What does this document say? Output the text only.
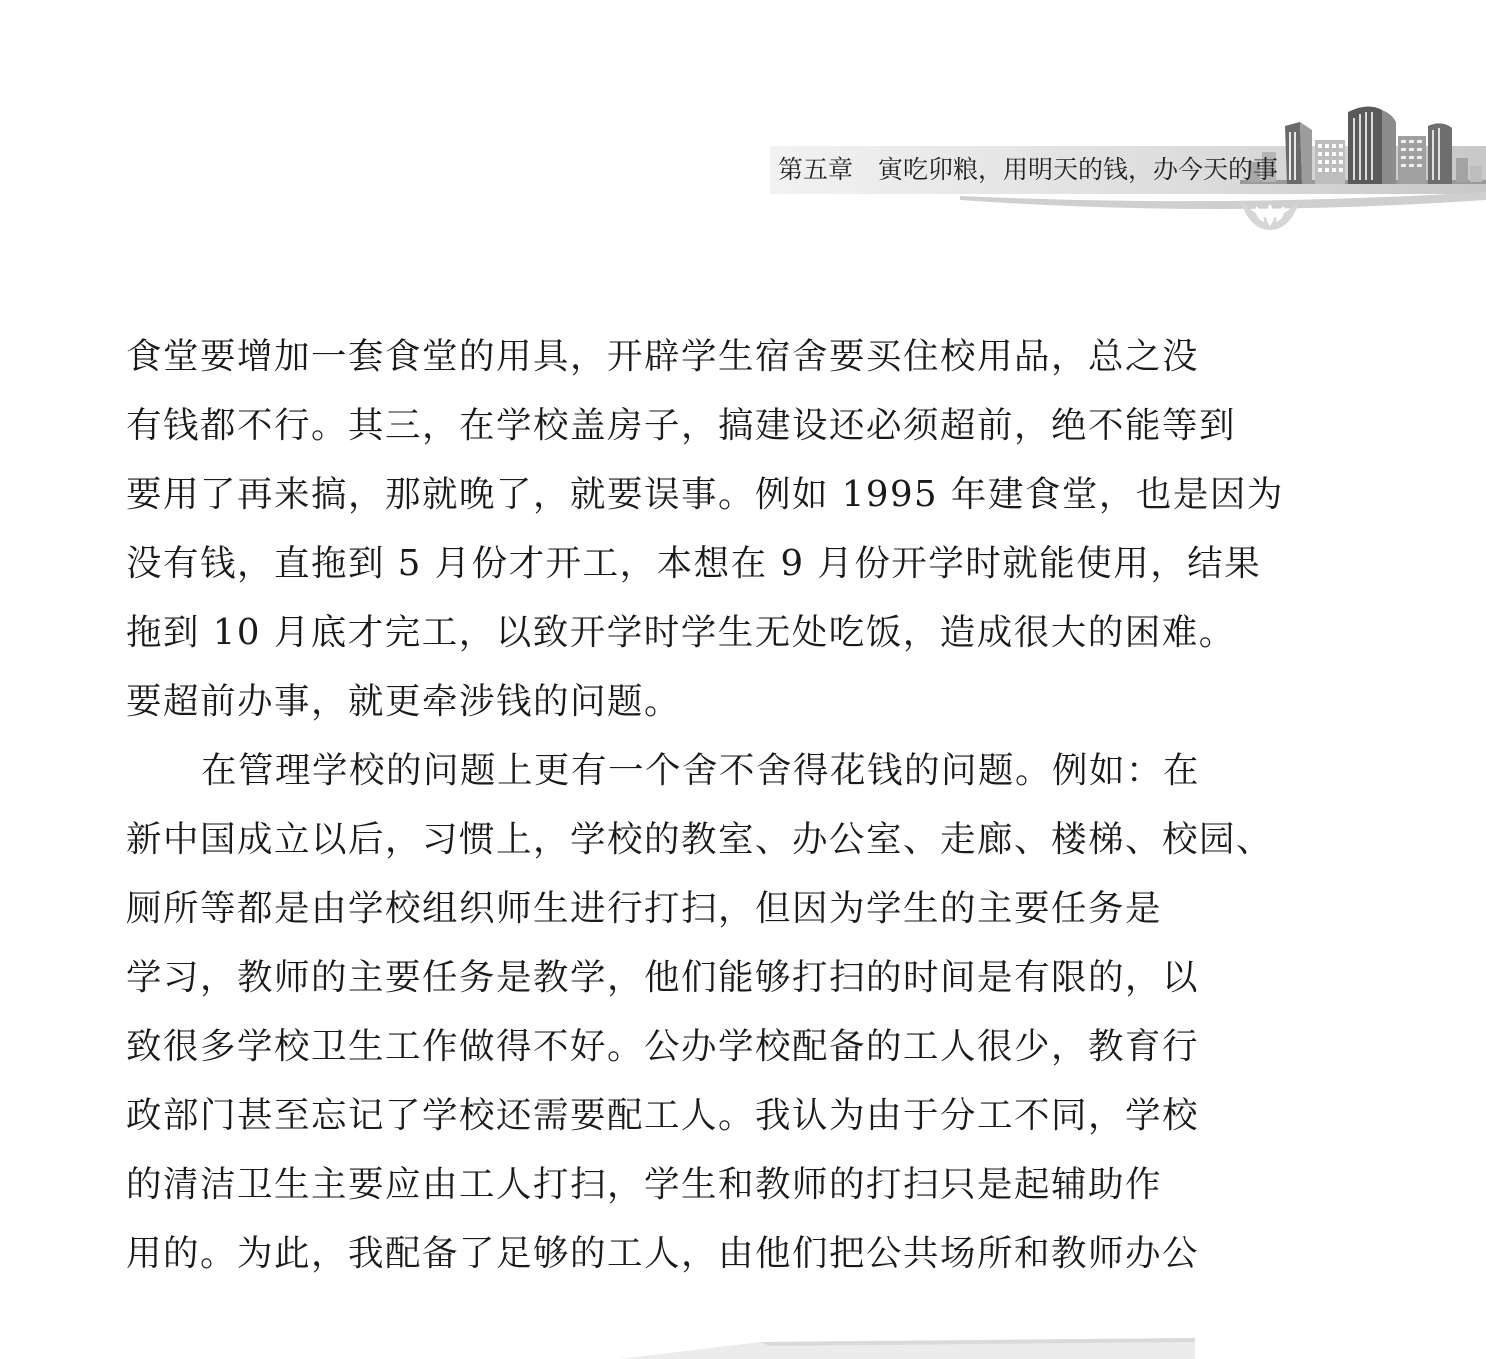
第五章　寅吃卯粮，用明天的钱，办今天的事
食堂要增加一套食堂的用具，开辟学生宿舍要买住校用品，总之没
有钱都不行。其三，在学校盖房子，搞建设还必须超前，绝不能等到
要用了再来搞，那就晚了，就要误事。例如 1995 年建食堂，也是因为
没有钱，直拖到 5 月份才开工，本想在 9 月份开学时就能使用，结果
拖到 10 月底才完工，以致开学时学生无处吃饭，造成很大的困难。
要超前办事，就更牵涉钱的问题。
在管理学校的问题上更有一个舍不舍得花钱的问题。例如：在
新中国成立以后，习惯上，学校的教室、办公室、走廊、楼梯、校园、
厕所等都是由学校组织师生进行打扫，但因为学生的主要任务是
学习，教师的主要任务是教学，他们能够打扫的时间是有限的，以
致很多学校卫生工作做得不好。公办学校配备的工人很少，教育行
政部门甚至忘记了学校还需要配工人。我认为由于分工不同，学校
的清洁卫生主要应由工人打扫，学生和教师的打扫只是起辅助作
用的。为此，我配备了足够的工人，由他们把公共场所和教师办公
